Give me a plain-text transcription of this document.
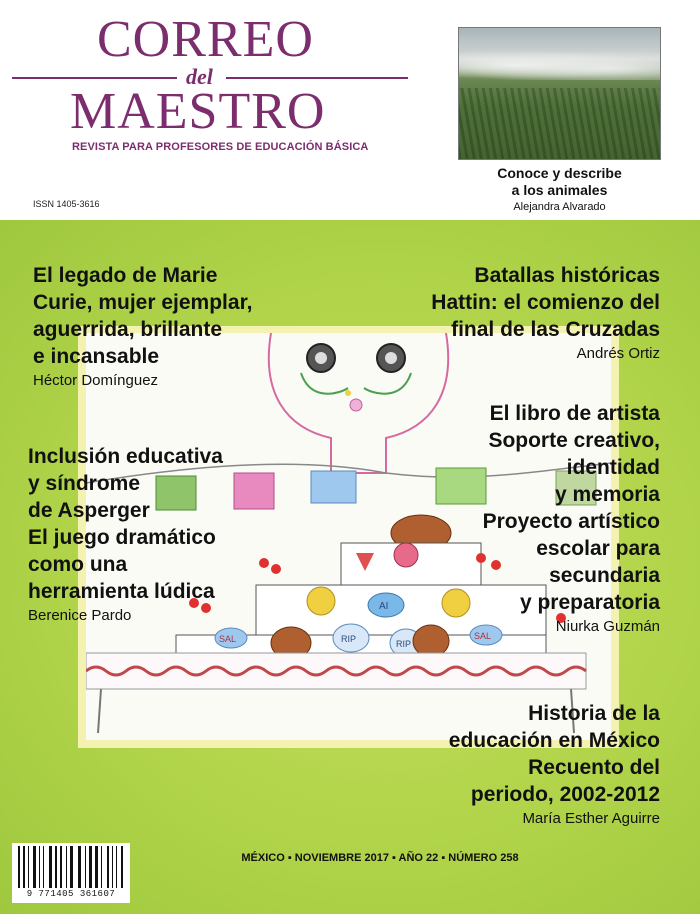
CORREO
del
MAESTRO
REVISTA PARA PROFESORES DE EDUCACIÓN BÁSICA
ISSN 1405-3616
Conoce y describe
a los animales
Alejandra Alvarado
AI
SAL	RIP	RIP
SAL
El legado de Marie
Curie, mujer ejemplar,
aguerrida, brillante
e incansable
Héctor Domínguez
Inclusión educativa
y síndrome
de Asperger
El juego dramático
como una
herramienta lúdica
Berenice Pardo
Batallas históricas
Hattin: el comienzo del
final de las Cruzadas
Andrés Ortiz
El libro de artista
Soporte creativo,
identidad
y memoria
Proyecto artístico
escolar para
secundaria
y preparatoria
Niurka Guzmán
Historia de la
educación en México
Recuento del
periodo, 2002-2012
María Esther Aguirre
MÉXICO ▪ NOVIEMBRE 2017 ▪ AÑO 22 ▪ NÚMERO 258
9 771405 361607
